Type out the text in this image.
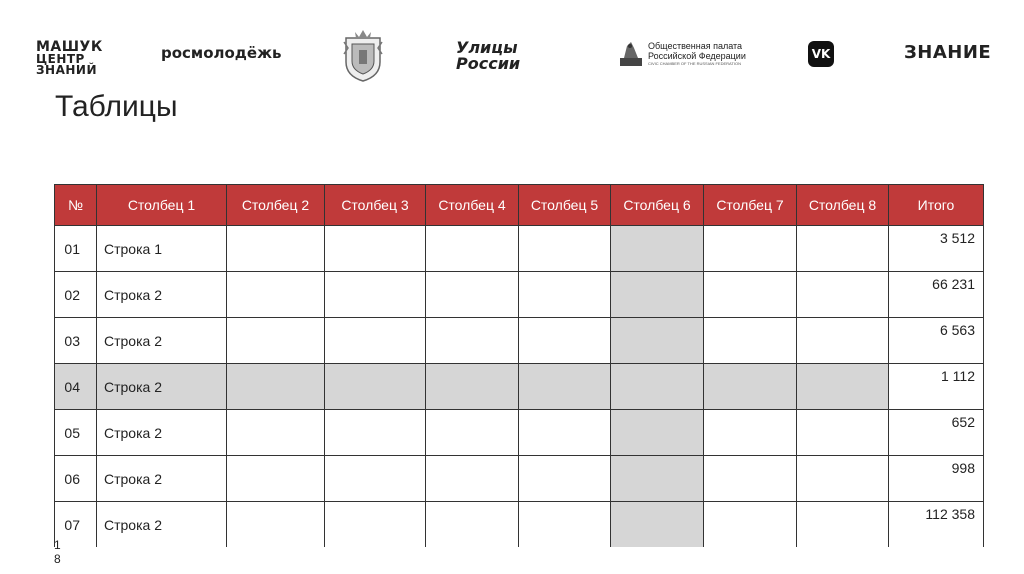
МАШУК
ЦЕНТР
ЗНАНИЙ
росмолодёжь	Улицы
России
Общественная палата
Российской Федерации
CIVIC CHAMBER OF THE RUSSIAN FEDERATION
VK	ЗНАНИЕ
Таблицы
№	Столбец 1	Столбец 2	Столбец 3	Столбец 4	Столбец 5	Столбец 6	Столбец 7	Столбец 8	Итого
01	Строка 1								3 512
02	Строка 2								66 231
03	Строка 2								6 563
04	Строка 2								1 112
05	Строка 2								652
06	Строка 2								998
07	Строка 2								112 358
18
